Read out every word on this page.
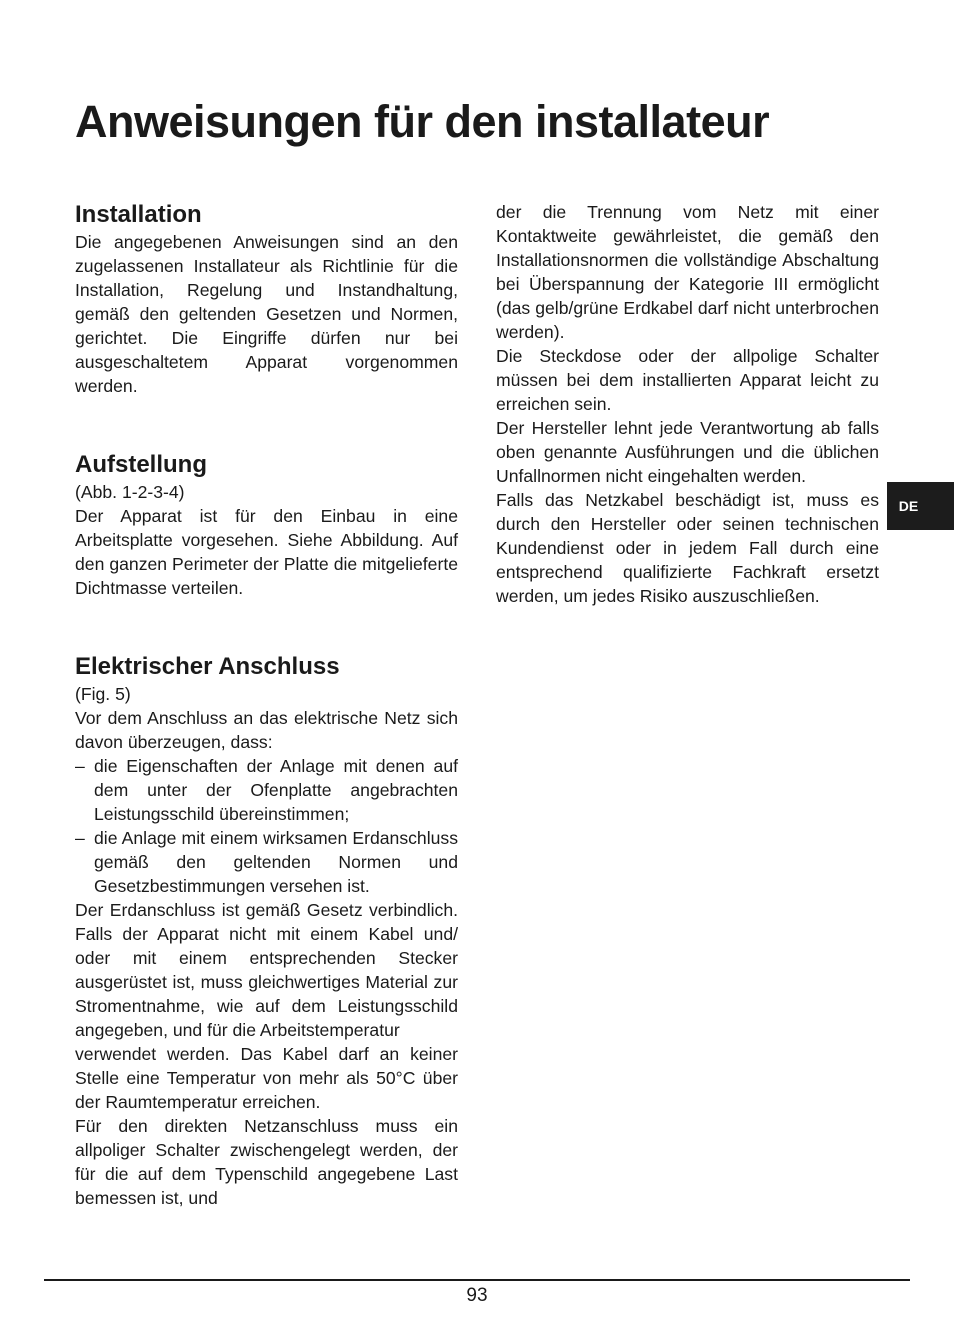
Anweisungen für den installateur
Installation

Die angegebenen Anweisungen sind an den zugelassenen Installateur als Richtlinie für die Installation, Regelung und Instandhaltung, gemäß den geltenden Gesetzen und Normen, gerichtet. Die Eingriffe dürfen nur bei ausgeschaltetem Apparat vorgenommen werden.

Aufstellung

(Abb. 1-2-3-4)

Der Apparat ist für den Einbau in eine Arbeitsplatte vorgesehen. Siehe Abbildung. Auf den ganzen Perimeter der Platte die mitgelieferte Dichtmasse verteilen.

Elektrischer Anschluss

(Fig. 5)

Vor dem Anschluss an das elektrische Netz sich davon überzeugen, dass:

– die Eigenschaften der Anlage mit denen auf dem unter der Ofenplatte angebrachten Leistungsschild übereinstimmen;
– die Anlage mit einem wirksamen Erdanschluss gemäß den geltenden Normen und Gesetzbestimmungen versehen ist.

Der Erdanschluss ist gemäß Gesetz verbindlich. Falls der Apparat nicht mit einem Kabel und/ oder mit einem entsprechenden Stecker ausgerüstet ist, muss gleichwertiges Material zur Stromentnahme, wie auf dem Leistungsschild angegeben, und für die Arbeitstemperatur

verwendet werden. Das Kabel darf an keiner Stelle eine Temperatur von mehr als 50°C über der Raumtemperatur erreichen.

Für den direkten Netzanschluss muss ein allpoliger Schalter zwischengelegt werden, der für die auf dem Typenschild angegebene Last bemessen ist, und

der die Trennung vom Netz mit einer Kontaktweite gewährleistet, die gemäß den Installationsnormen die vollständige Abschaltung bei Überspannung der Kategorie III ermöglicht (das gelb/grüne Erdkabel darf nicht unterbrochen werden).

Die Steckdose oder der allpolige Schalter müssen bei dem installierten Apparat leicht zu erreichen sein.

Der Hersteller lehnt jede Verantwortung ab falls oben genannte Ausführungen und die üblichen Unfallnormen nicht eingehalten werden.

Falls das Netzkabel beschädigt ist, muss es durch den Hersteller oder seinen technischen Kundendienst oder in jedem Fall durch eine entsprechend qualifizierte Fachkraft ersetzt werden, um jedes Risiko auszuschließen.

DE
93
